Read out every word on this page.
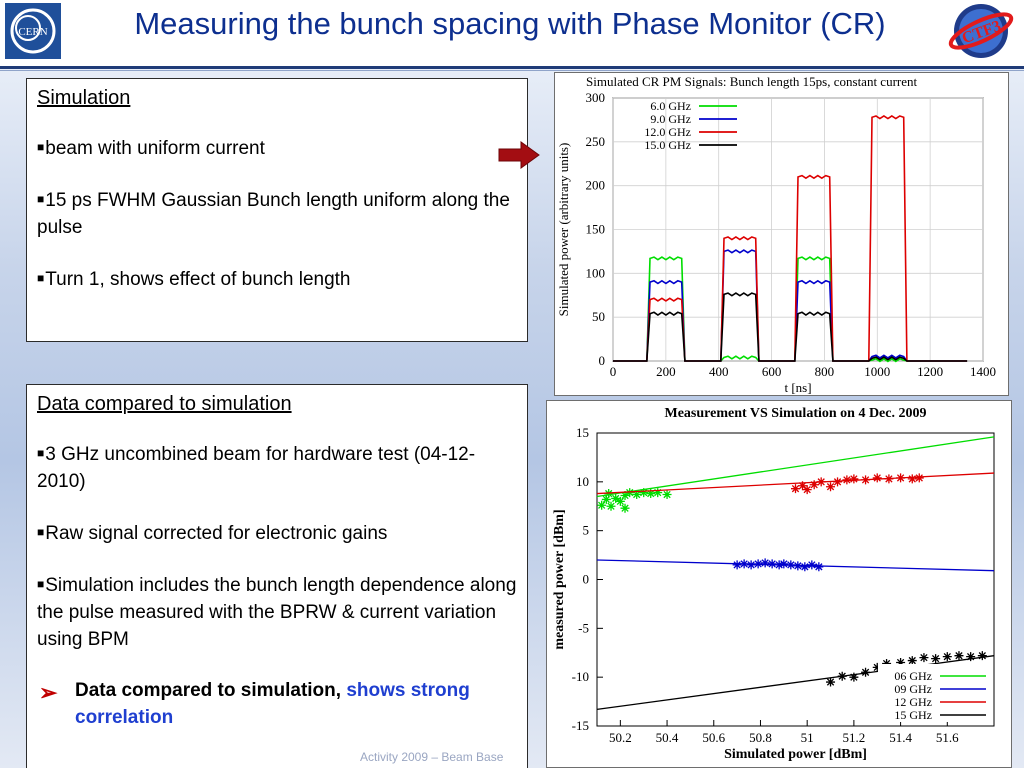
CERN	CTF3
Measuring the bunch spacing with Phase Monitor (CR)
Simulation

■beam with uniform current

■15 ps FWHM Gaussian Bunch length uniform along the pulse

■Turn 1, shows effect of bunch length

Data compared to simulation

■3 GHz uncombined beam for hardware test (04-12-2010)

■Raw signal corrected for electronic gains

■Simulation includes the bunch length dependence along the pulse measured with the BPRW & current variation using BPM

➢ Data compared to simulation, shows strong correlation
Activity 2009 – Beam Base
Simulated CR PM Signals: Bunch length 15ps, constant current
0	200	400	600	800 1000 1200 1400
0
50
100
150
200
250
300
t [ns]
Simulated power (arbitrary units)
6.0 GHz
9.0 GHz
12.0 GHz
15.0 GHz
Measurement VS Simulation on 4 Dec. 2009
50.2 50.4 50.6 50.8 51 51.2 51.4 51.6
-15
-10
-5
0
5
10
15
Simulated power [dBm]
measured power [dBm]
06 GHz
09 GHz
12 GHz
15 GHz
